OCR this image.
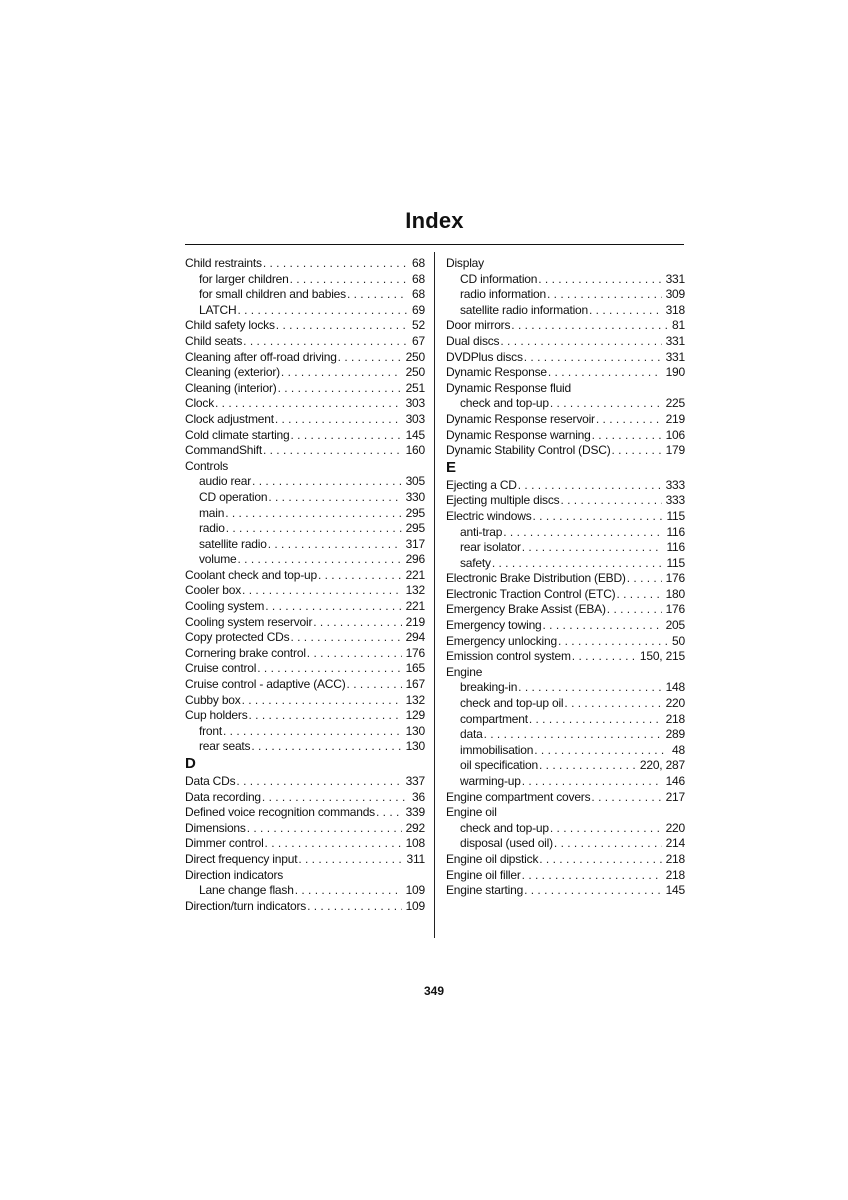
Index
Child restraints . . .	68
for larger children . . .	68
for small children and babies . . .	68
LATCH . . .	69
Child safety locks . . .	52
Child seats . . .	67
Cleaning after off-road driving . . .	250
Cleaning (exterior) . . .	250
Cleaning (interior) . . .	251
Clock . . .	303
Clock adjustment . . .	303
Cold climate starting . . .	145
CommandShift . . .	160
Controls
audio rear . . .	305
CD operation . . .	330
main . . .	295
radio . . .	295
satellite radio . . .	317
volume . . .	296
Coolant check and top-up . . .	221
Cooler box . . .	132
Cooling system . . .	221
Cooling system reservoir . . .	219
Copy protected CDs . . .	294
Cornering brake control . . .	176
Cruise control . . .	165
Cruise control - adaptive (ACC) . . .	167
Cubby box . . .	132
Cup holders . . .	129
front . . .	130
rear seats . . .	130
D
Data CDs . . .	337
Data recording . . .	36
Defined voice recognition commands . . .	339
Dimensions . . .	292
Dimmer control . . .	108
Direct frequency input . . .	311
Direction indicators
Lane change flash . . .	109
Direction/turn indicators . . .	109
Display
CD information . . .	331
radio information . . .	309
satellite radio information . . .	318
Door mirrors . . .	81
Dual discs . . .	331
DVDPlus discs . . .	331
Dynamic Response . . .	190
Dynamic Response fluid
check and top-up . . .	225
Dynamic Response reservoir . . .	219
Dynamic Response warning . . .	106
Dynamic Stability Control (DSC) . . .	179
E
Ejecting a CD . . .	333
Ejecting multiple discs . . .	333
Electric windows . . .	115
anti-trap . . .	116
rear isolator . . .	116
safety . . .	115
Electronic Brake Distribution (EBD) . . .	176
Electronic Traction Control (ETC) . . .	180
Emergency Brake Assist (EBA) . . .	176
Emergency towing . . .	205
Emergency unlocking . . .	50
Emission control system . . .	150, 215
Engine
breaking-in . . .	148
check and top-up oil . . .	220
compartment . . .	218
data . . .	289
immobilisation . . .	48
oil specification . . .	220, 287
warming-up . . .	146
Engine compartment covers . . .	217
Engine oil
check and top-up . . .	220
disposal (used oil) . . .	214
Engine oil dipstick . . .	218
Engine oil filler . . .	218
Engine starting . . .	145
349
